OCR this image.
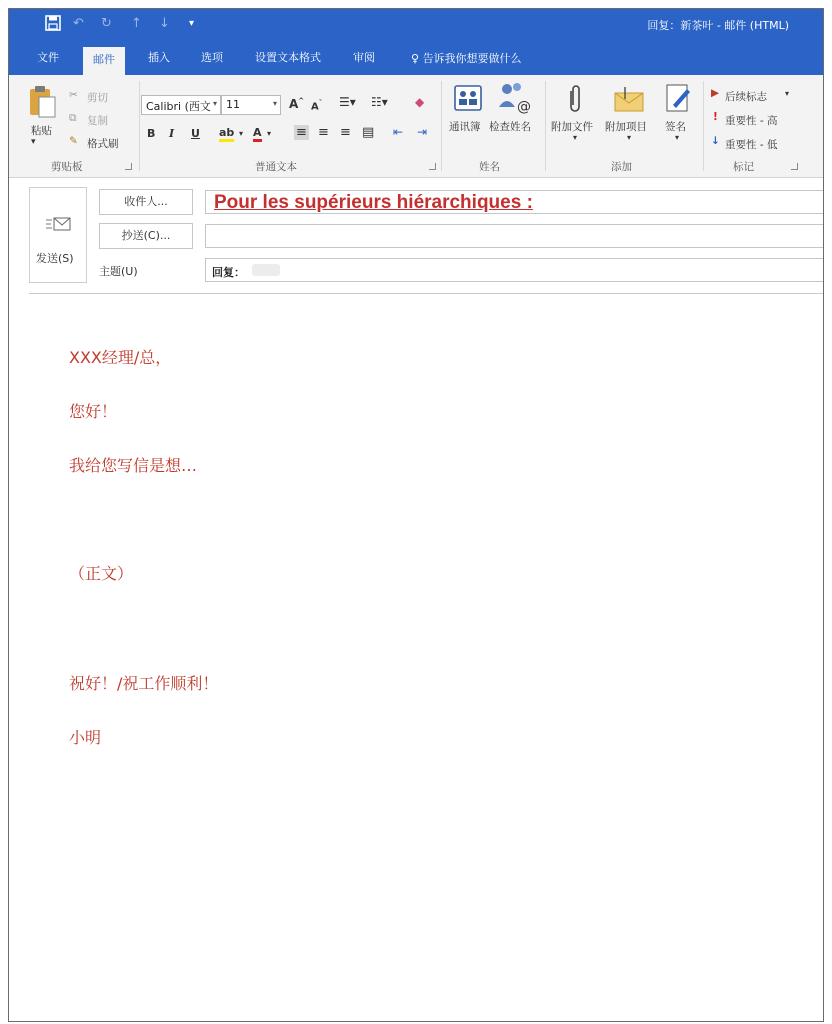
↶ ↻ ↑ ↓ ▾	回复：新茶叶 - 邮件 (HTML)
文件	邮件	插入	选项	设置文本格式	审阅	♀ 告诉我你想要做什么
粘贴
▾
✂ 剪切
⧉ 复制
✎ 格式刷
剪贴板
Calibri (西文 ▾ 11	▾ A^
$A^ˇ$ ☰▾ ☷▾ ◆
B I U ab ▾ A ▾ ≡ ≡ ≡ ▤ ⇤ ⇥
普通文本
通讯簿
@
检查姓名
姓名
附加文件
▾
附加项目
▾
签名
▾
添加
▶ 后续标志 ▾
! 重要性 - 高
↓ 重要性 - 低
标记
发送(S)
收件人...
抄送(C)...
主题(U)
Pour les supérieurs hiérarchiques :
回复：
XXX经理/总，
您好！
我给您写信是想…
（正文）
祝好！/祝工作顺利！
小明
